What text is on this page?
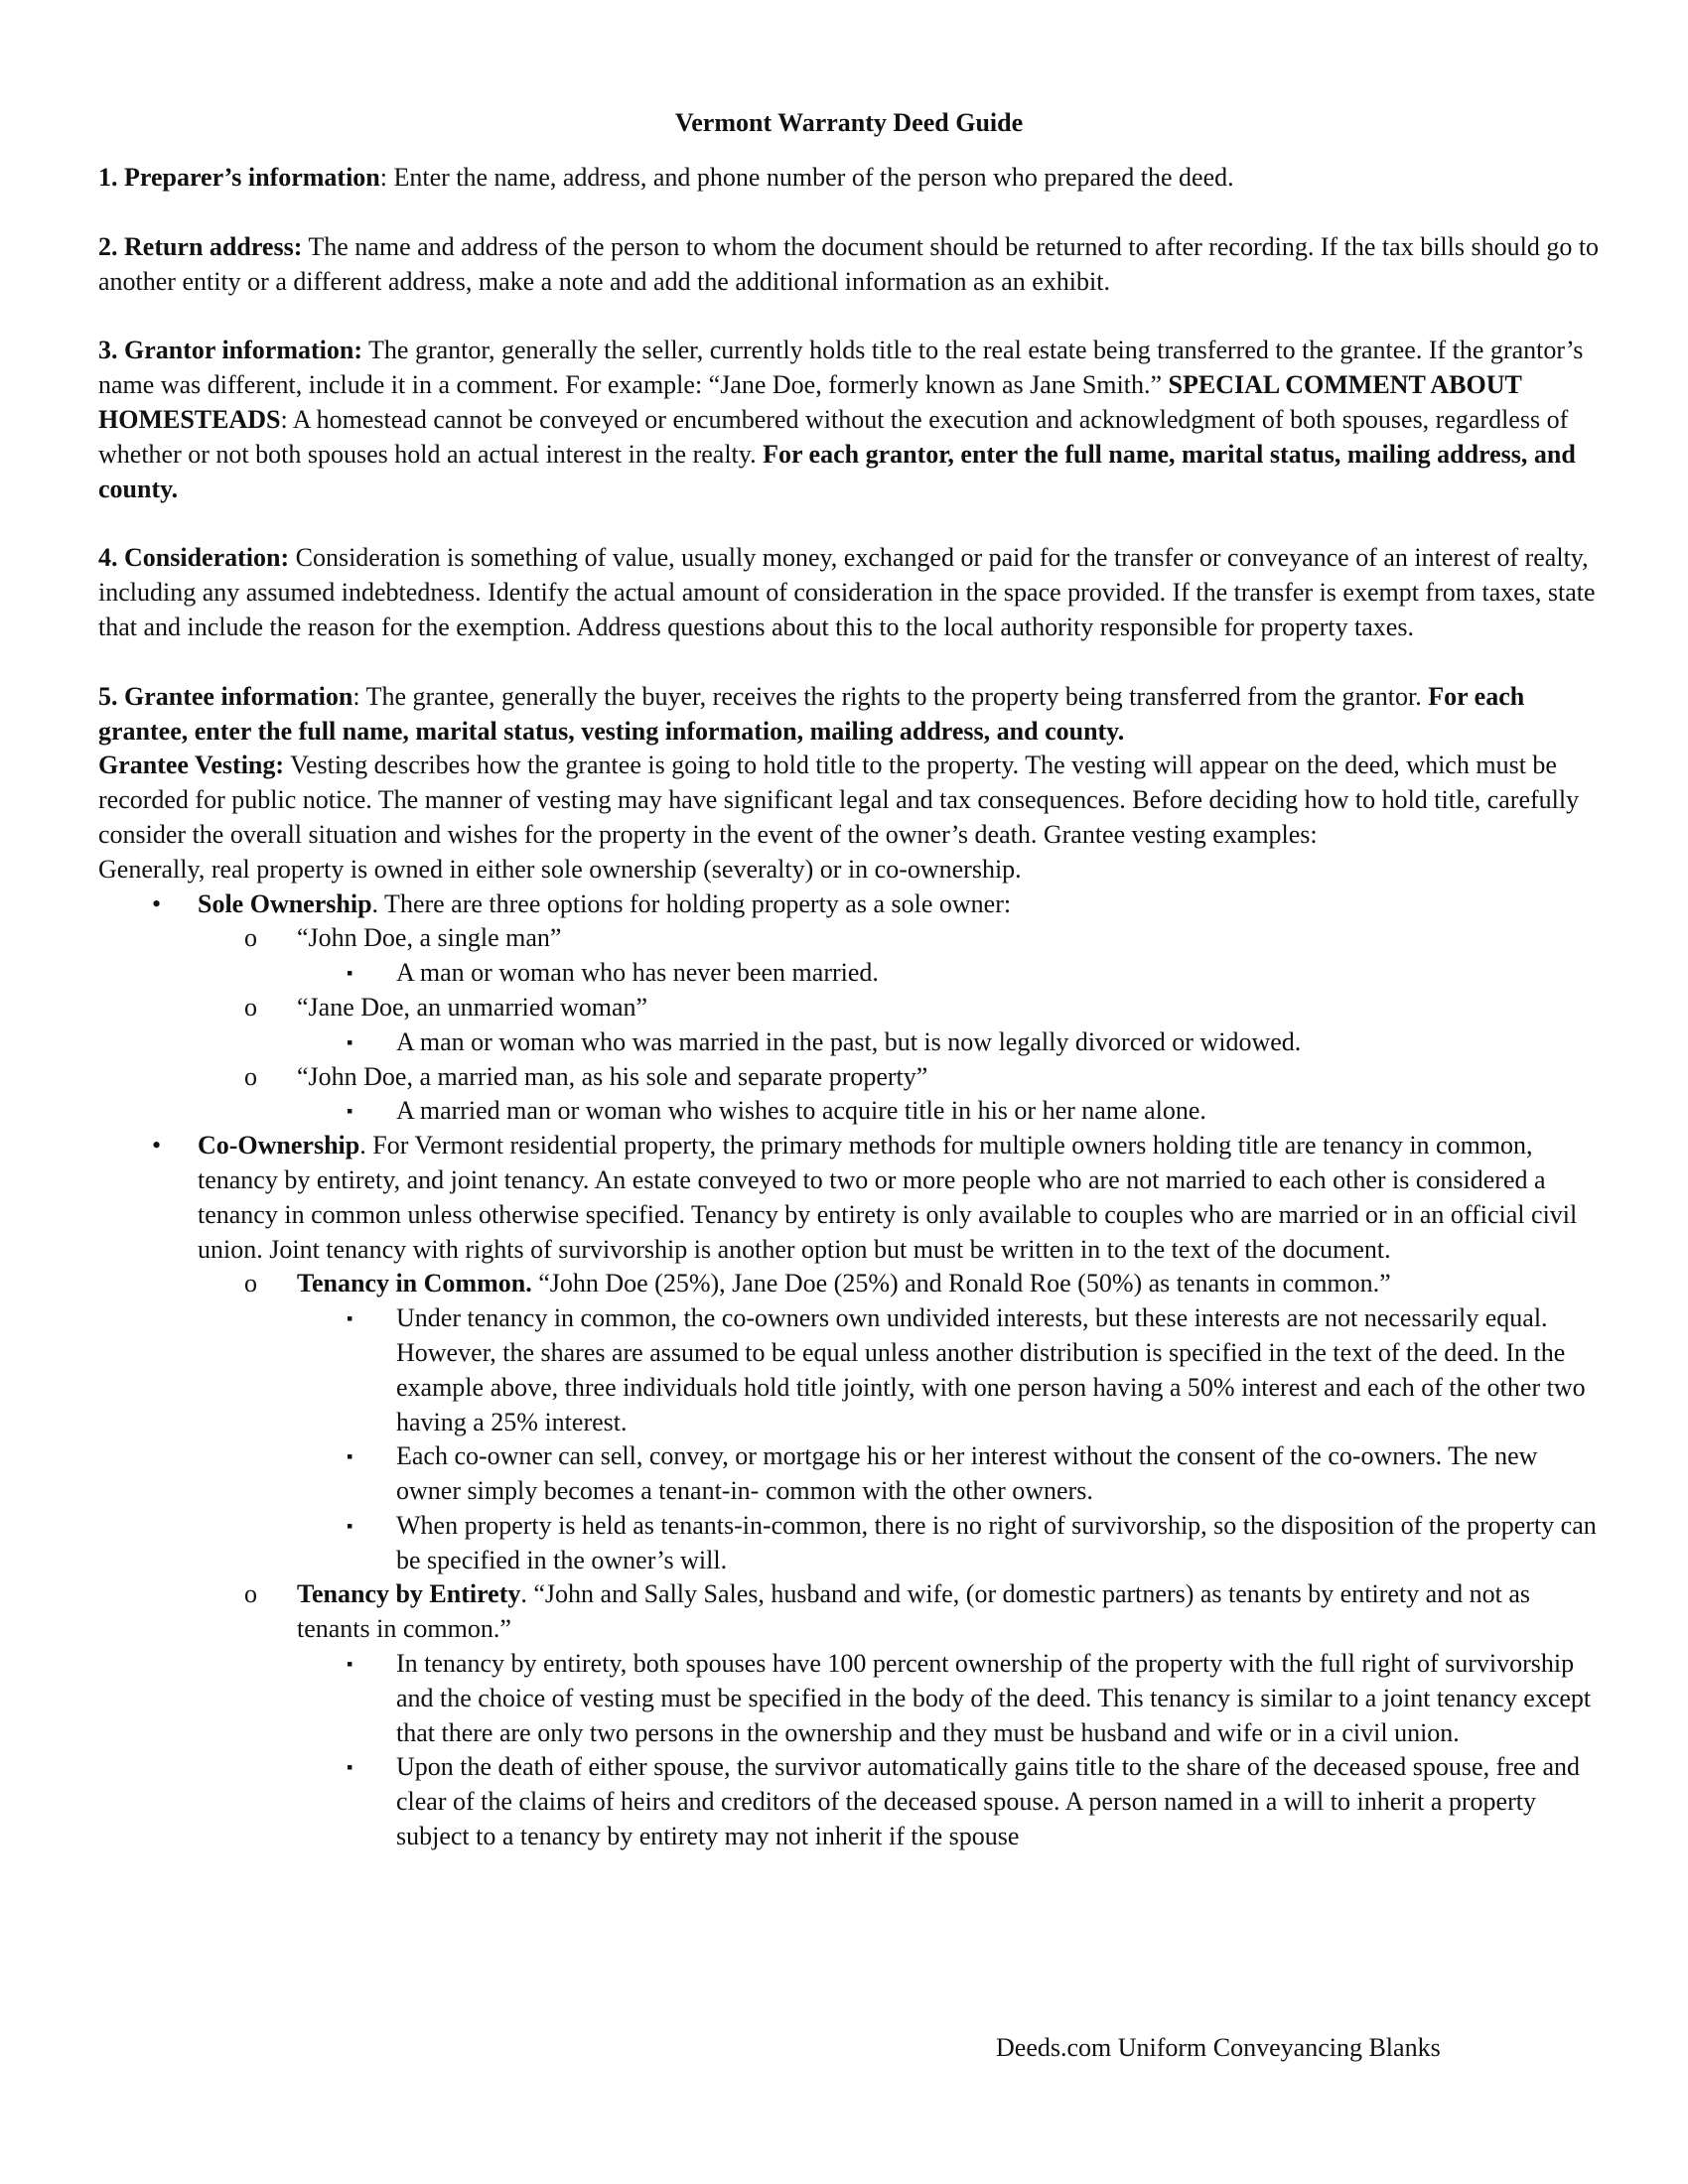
Vermont Warranty Deed Guide

1. Preparer’s information: Enter the name, address, and phone number of the person who prepared the deed.

2. Return address: The name and address of the person to whom the document should be returned to after recording. If the tax bills should go to another entity or a different address, make a note and add the additional information as an exhibit.

3. Grantor information: The grantor, generally the seller, currently holds title to the real estate being transferred to the grantee. If the grantor’s name was different, include it in a comment. For example: “Jane Doe, formerly known as Jane Smith.” SPECIAL COMMENT ABOUT HOMESTEADS: A homestead cannot be conveyed or encumbered without the execution and acknowledgment of both spouses, regardless of whether or not both spouses hold an actual interest in the realty. For each grantor, enter the full name, marital status, mailing address, and county.

4. Consideration: Consideration is something of value, usually money, exchanged or paid for the transfer or conveyance of an interest of realty, including any assumed indebtedness. Identify the actual amount of consideration in the space provided. If the transfer is exempt from taxes, state that and include the reason for the exemption. Address questions about this to the local authority responsible for property taxes.

5. Grantee information: The grantee, generally the buyer, receives the rights to the property being transferred from the grantor. For each grantee, enter the full name, marital status, vesting information, mailing address, and county.
Grantee Vesting: Vesting describes how the grantee is going to hold title to the property. The vesting will appear on the deed, which must be recorded for public notice. The manner of vesting may have significant legal and tax consequences. Before deciding how to hold title, carefully consider the overall situation and wishes for the property in the event of the owner’s death. Grantee vesting examples:

Generally, real property is owned in either sole ownership (severalty) or in co-ownership.

• Sole Ownership. There are three options for holding property as a sole owner:
o “John Doe, a single man”
▪ A man or woman who has never been married.
o “Jane Doe, an unmarried woman”
▪ A man or woman who was married in the past, but is now legally divorced or widowed.
o “John Doe, a married man, as his sole and separate property”
▪ A married man or woman who wishes to acquire title in his or her name alone.
• Co-Ownership. For Vermont residential property, the primary methods for multiple owners holding title are tenancy in common, tenancy by entirety, and joint tenancy. An estate conveyed to two or more people who are not married to each other is considered a tenancy in common unless otherwise specified. Tenancy by entirety is only available to couples who are married or in an official civil union. Joint tenancy with rights of survivorship is another option but must be written in to the text of the document.
o Tenancy in Common. “John Doe (25%), Jane Doe (25%) and Ronald Roe (50%) as tenants in common.”
▪ Under tenancy in common, the co-owners own undivided interests, but these interests are not necessarily equal. However, the shares are assumed to be equal unless another distribution is specified in the text of the deed. In the example above, three individuals hold title jointly, with one person having a 50% interest and each of the other two having a 25% interest.
▪ Each co-owner can sell, convey, or mortgage his or her interest without the consent of the co-owners. The new owner simply becomes a tenant-in- common with the other owners.
▪ When property is held as tenants-in-common, there is no right of survivorship, so the disposition of the property can be specified in the owner’s will.
o Tenancy by Entirety. “John and Sally Sales, husband and wife, (or domestic partners) as tenants by entirety and not as tenants in common.”
▪ In tenancy by entirety, both spouses have 100 percent ownership of the property with the full right of survivorship and the choice of vesting must be specified in the body of the deed. This tenancy is similar to a joint tenancy except that there are only two persons in the ownership and they must be husband and wife or in a civil union.
▪ Upon the death of either spouse, the survivor automatically gains title to the share of the deceased spouse, free and clear of the claims of heirs and creditors of the deceased spouse. A person named in a will to inherit a property subject to a tenancy by entirety may not inherit if the spouse
Deeds.com Uniform Conveyancing Blanks
